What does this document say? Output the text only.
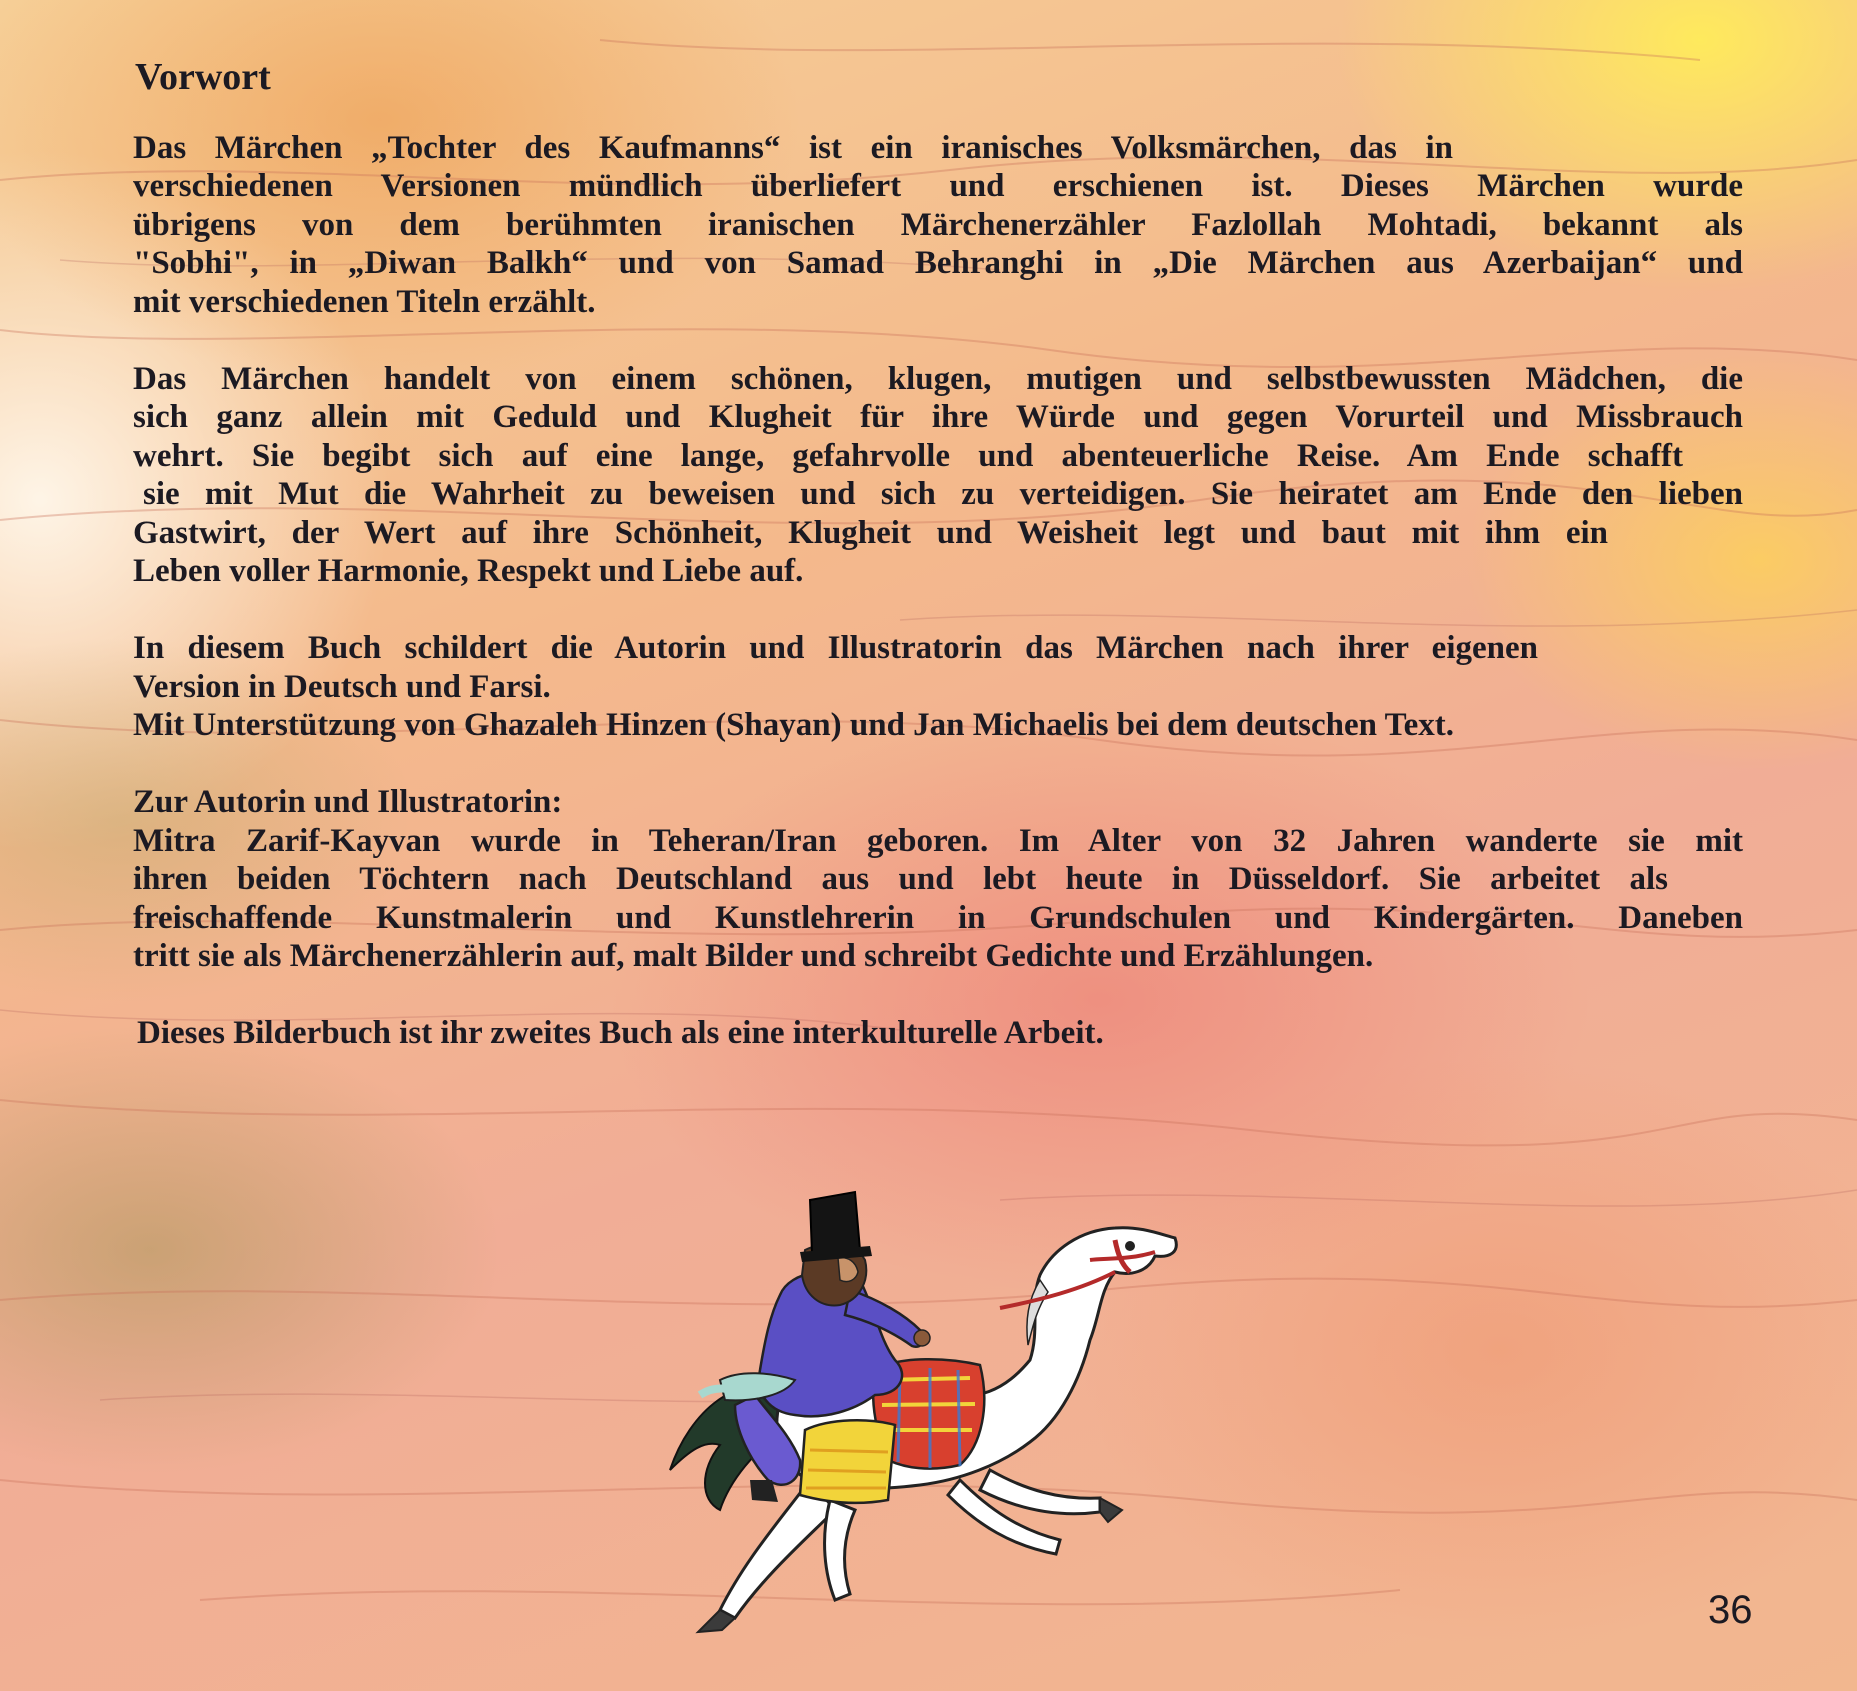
Vorwort

Das Märchen „Tochter des Kaufmanns“ ist ein iranisches Volksmärchen, das in

verschiedenen Versionen mündlich überliefert und erschienen ist. Dieses Märchen wurde

übrigens von dem berühmten iranischen Märchenerzähler Fazlollah Mohtadi, bekannt als

"Sobhi", in „Diwan Balkh“ und von Samad Behranghi in „Die Märchen aus Azerbaijan“ und

mit verschiedenen Titeln erzählt.

Das Märchen handelt von einem schönen, klugen, mutigen und selbstbewussten Mädchen, die

sich ganz allein mit Geduld und Klugheit für ihre Würde und gegen Vorurteil und Missbrauch

wehrt. Sie begibt sich auf eine lange, gefahrvolle und abenteuerliche Reise. Am Ende schafft

sie mit Mut die Wahrheit zu beweisen und sich zu verteidigen. Sie heiratet am Ende den lieben

Gastwirt, der Wert auf ihre Schönheit, Klugheit und Weisheit legt und baut mit ihm ein

Leben voller Harmonie, Respekt und Liebe auf.

In diesem Buch schildert die Autorin und Illustratorin das Märchen nach ihrer eigenen

Version in Deutsch und Farsi.

Mit Unterstützung von Ghazaleh Hinzen (Shayan) und Jan Michaelis bei dem deutschen Text.

Zur Autorin und Illustratorin:

Mitra Zarif-Kayvan wurde in Teheran/Iran geboren. Im Alter von 32 Jahren wanderte sie mit

ihren beiden Töchtern nach Deutschland aus und lebt heute in Düsseldorf. Sie arbeitet als

freischaffende Kunstmalerin und Kunstlehrerin in Grundschulen und Kindergärten. Daneben

tritt sie als Märchenerzählerin auf, malt Bilder und schreibt Gedichte und Erzählungen.

Dieses Bilderbuch ist ihr zweites Buch als eine interkulturelle Arbeit.

36
